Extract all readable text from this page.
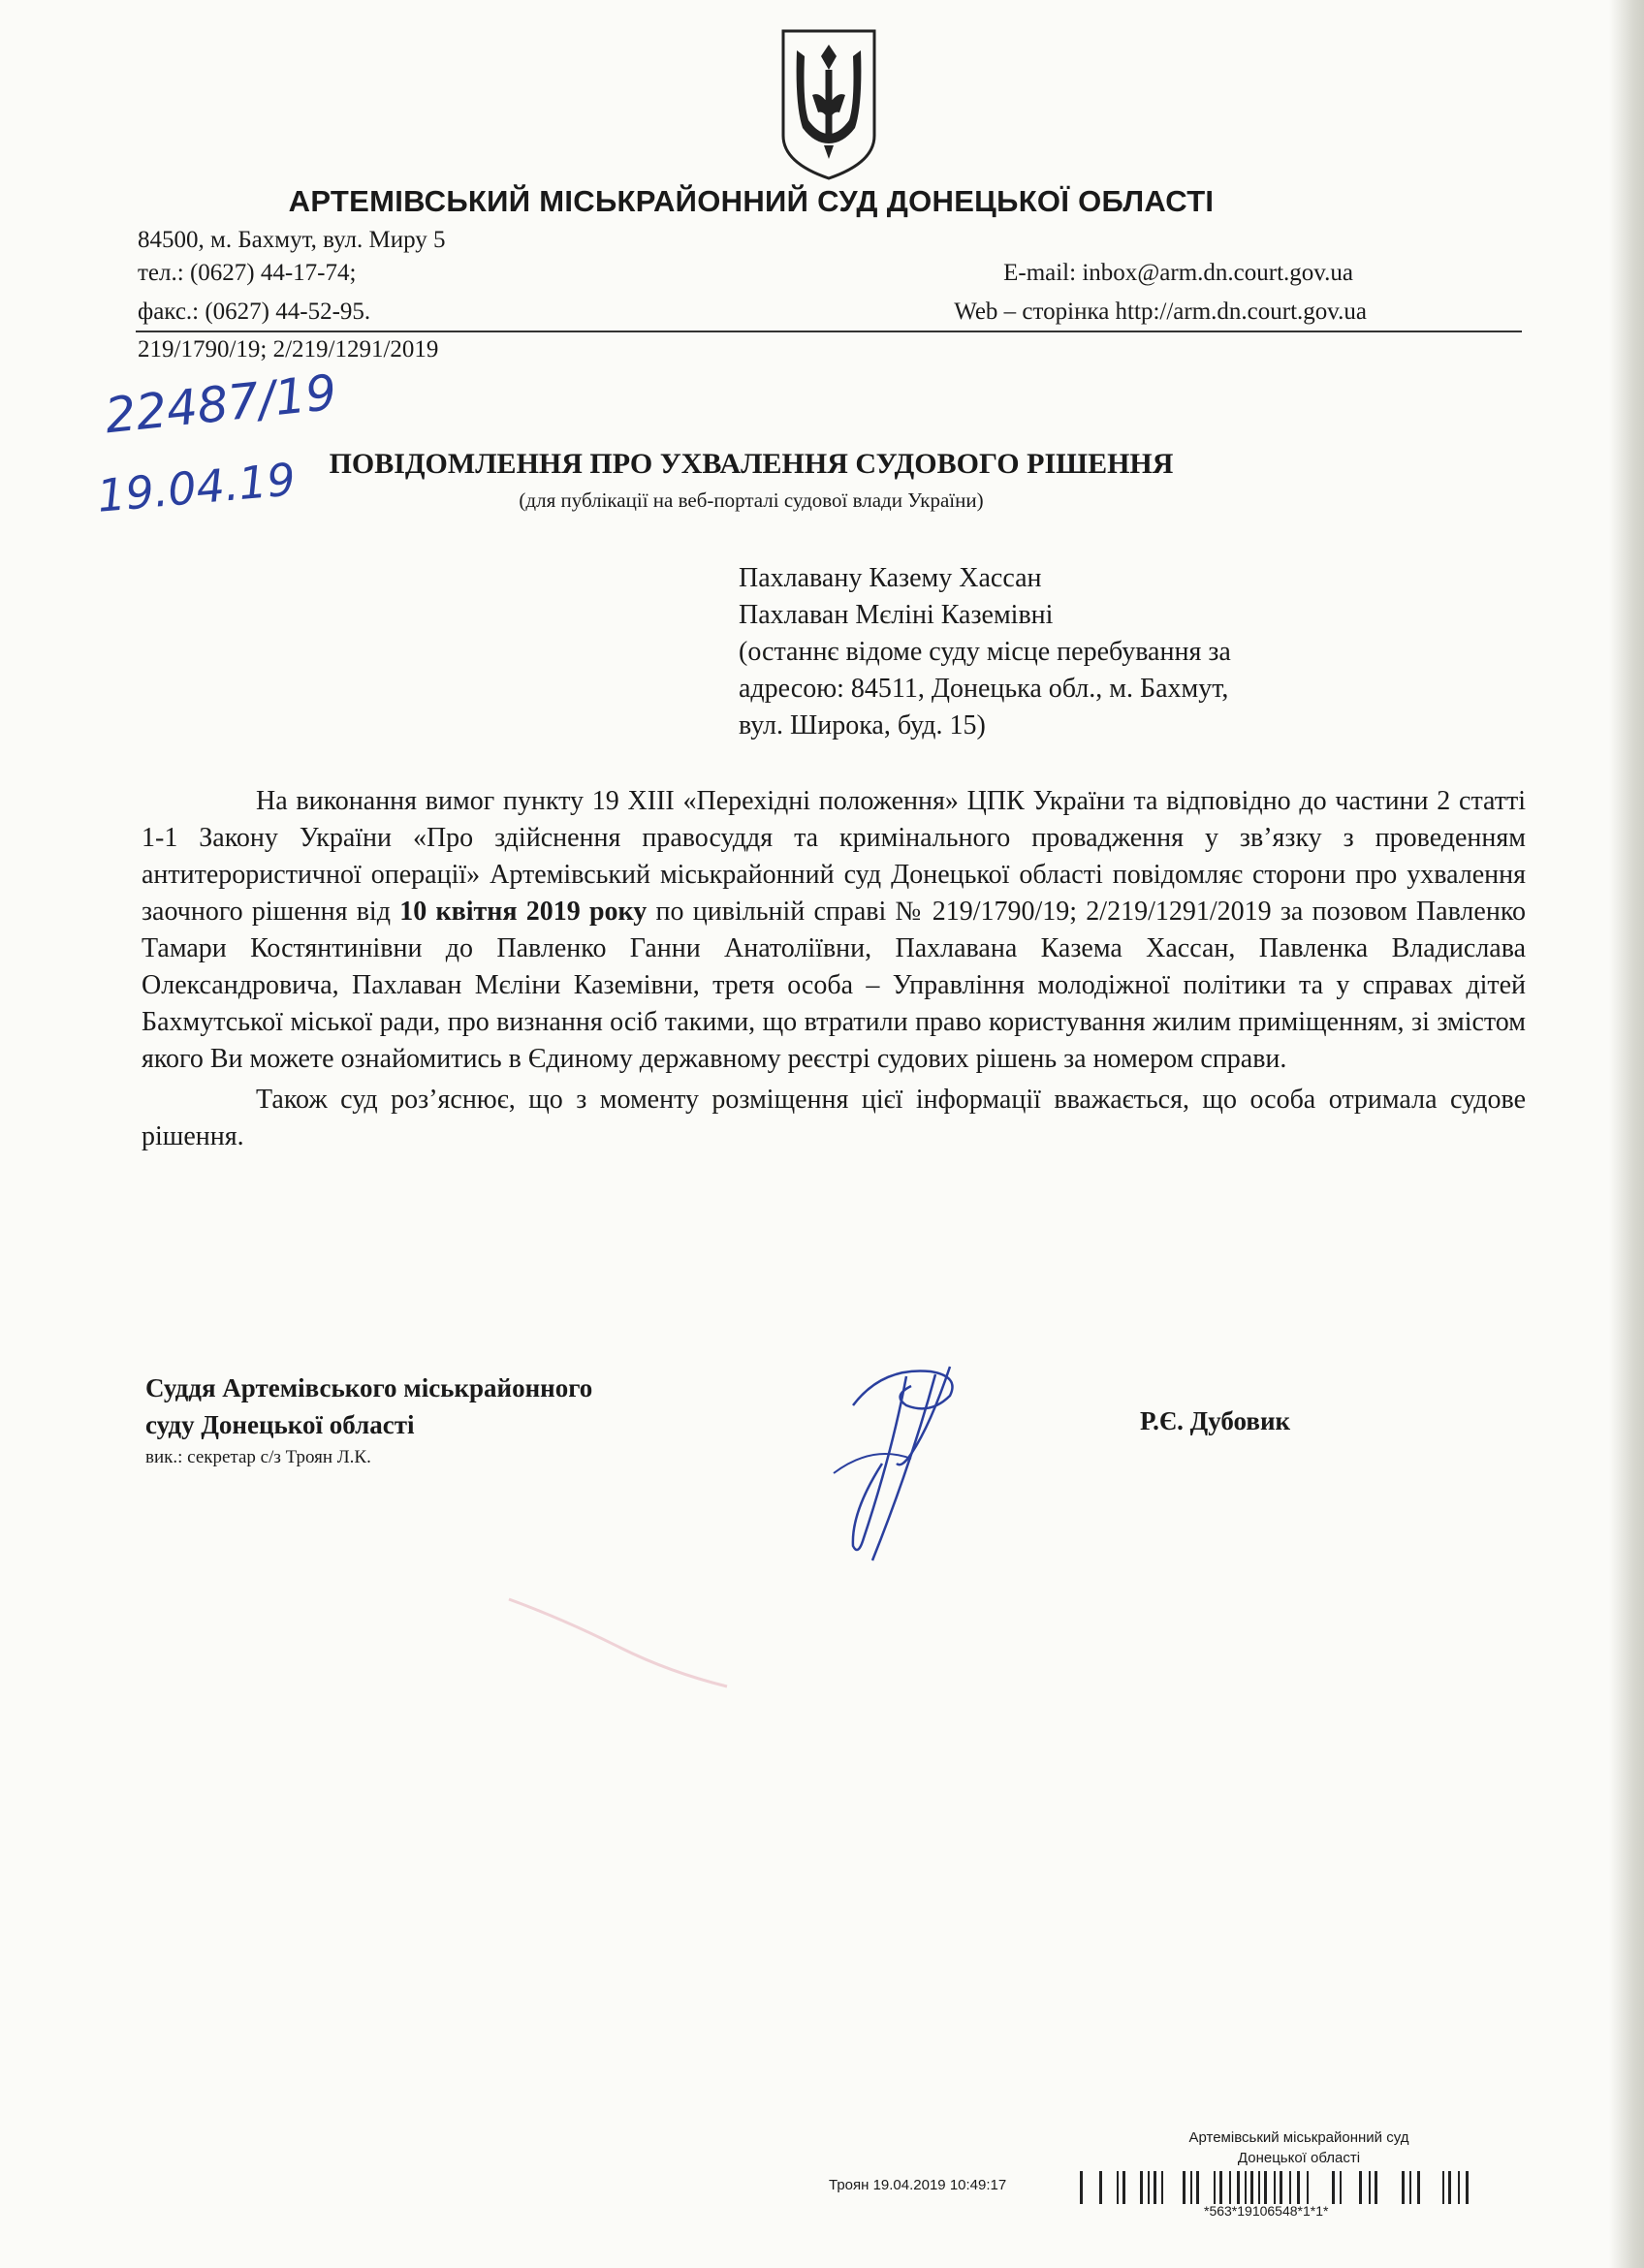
АРТЕМІВСЬКИЙ МІСЬКРАЙОННИЙ СУД ДОНЕЦЬКОЇ ОБЛАСТІ
84500, м. Бахмут, вул. Миру 5
тел.: (0627) 44-17-74;	E-mail: inbox@arm.dn.court.gov.ua
факс.: (0627) 44-52-95.	Web – сторінка http://arm.dn.court.gov.ua
219/1790/19; 2/219/1291/2019
22487/19
19.04.19	ПОВІДОМЛЕННЯ ПРО УХВАЛЕННЯ СУДОВОГО РІШЕННЯ
(для публікації на веб-порталі судової влади України)
Пахлавану Казему Хассан
Пахлаван Мєліні Каземівні
(останнє відоме суду місце перебування за
адресою: 84511, Донецька обл., м. Бахмут,
вул. Широка, буд. 15)

На виконання вимог пункту 19 XIII «Перехідні положення» ЦПК України та відповідно до частини 2 статті 1-1 Закону України «Про здійснення правосуддя та кримінального провадження у зв’язку з проведенням антитерористичної операції» Артемівський міськрайонний суд Донецької області повідомляє сторони про ухвалення заочного рішення від 10 квітня 2019 року по цивільній справі № 219/1790/19; 2/219/1291/2019 за позовом Павленко Тамари Костянтинівни до Павленко Ганни Анатоліївни, Пахлавана Казема Хассан, Павленка Владислава Олександровича, Пахлаван Мєліни Каземівни, третя особа – Управління молодіжної політики та у справах дітей Бахмутської міської ради, про визнання осіб такими, що втратили право користування жилим приміщенням, зі змістом якого Ви можете ознайомитись в Єдиному державному реєстрі судових рішень за номером справи.

Також суд роз’яснює, що з моменту розміщення цієї інформації вважається, що особа отримала судове рішення.

Суддя Артемівського міськрайонного
суду Донецької області
вик.: секретар с/з Троян Л.К.
Р.Є. Дубовик
Артемівський міськрайонний суд
Донецької області
Троян 19.04.2019 10:49:17
*563*19106548*1*1*
